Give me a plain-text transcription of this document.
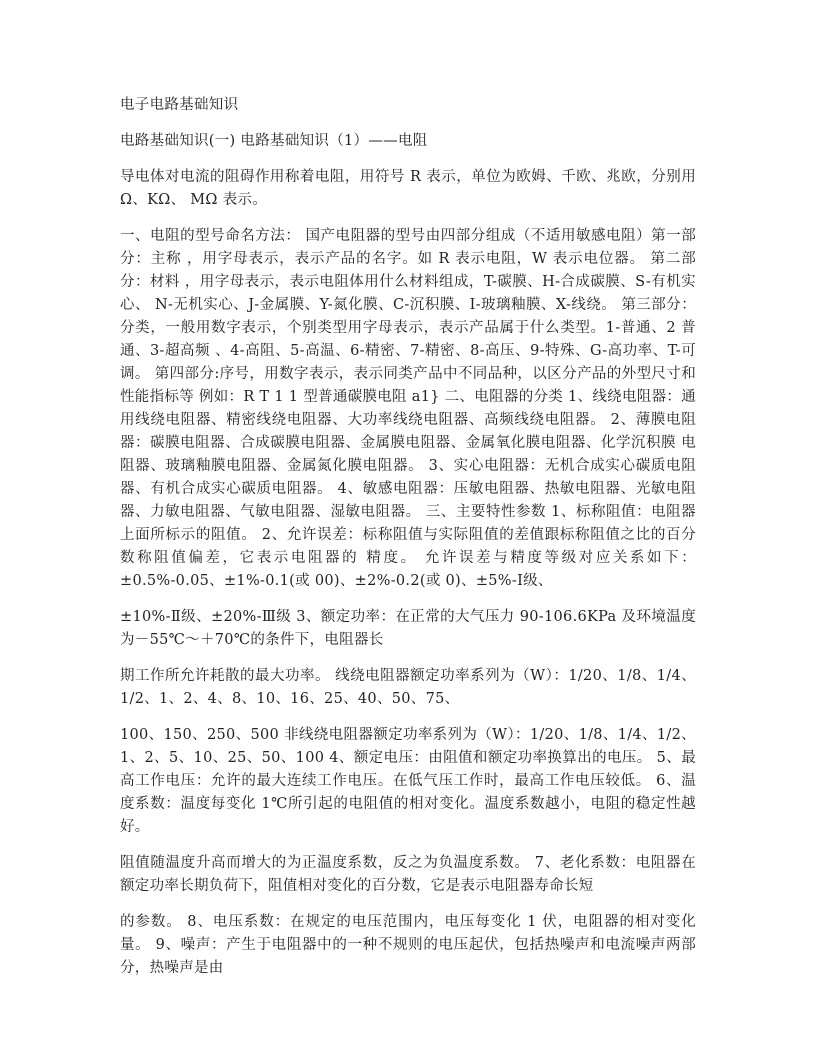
电子电路基础知识

电路基础知识(一) 电路基础知识（1）——电阻

导电体对电流的阻碍作用称着电阻，用符号 R 表示，单位为欧姆、千欧、兆欧，分别用 Ω、KΩ、 MΩ 表示。

一、电阻的型号命名方法： 国产电阻器的型号由四部分组成（不适用敏感电阻）第一部分：主称 ，用字母表示，表示产品的名字。如 R 表示电阻，W 表示电位器。 第二部分：材料 ，用字母表示，表示电阻体用什么材料组成，T-碳膜、H-合成碳膜、S-有机实心、 N-无机实心、J-金属膜、Y-氮化膜、C-沉积膜、I-玻璃釉膜、X-线绕。 第三部分：分类，一般用数字表示，个别类型用字母表示，表示产品属于什么类型。1-普通、2 普通、3-超高频 、4-高阻、5-高温、6-精密、7-精密、8-高压、9-特殊、G-高功率、T-可调。 第四部分:序号，用数字表示，表示同类产品中不同品种，以区分产品的外型尺寸和性能指标等 例如：R T 1 1 型普通碳膜电阻 a1} 二、电阻器的分类 1、线绕电阻器：通用线绕电阻器、精密线绕电阻器、大功率线绕电阻器、高频线绕电阻器。 2、薄膜电阻器：碳膜电阻器、合成碳膜电阻器、金属膜电阻器、金属氧化膜电阻器、化学沉积膜 电阻器、玻璃釉膜电阻器、金属氮化膜电阻器。 3、实心电阻器：无机合成实心碳质电阻器、有机合成实心碳质电阻器。 4、敏感电阻器：压敏电阻器、热敏电阻器、光敏电阻器、力敏电阻器、气敏电阻器、湿敏电阻器。 三、主要特性参数 1、标称阻值：电阻器上面所标示的阻值。 2、允许误差：标称阻值与实际阻值的差值跟标称阻值之比的百分数称阻值偏差，它表示电阻器的 精度。 允许误差与精度等级对应关系如下：±0.5%-0.05、±1%-0.1(或 00)、±2%-0.2(或 0)、±5%-Ⅰ级、

±10%-Ⅱ级、±20%-Ⅲ级 3、额定功率：在正常的大气压力 90-106.6KPa 及环境温度为－55℃～＋70℃的条件下，电阻器长

期工作所允许耗散的最大功率。 线绕电阻器额定功率系列为（W）：1/20、1/8、1/4、1/2、1、2、4、8、10、16、25、40、50、75、

100、150、250、500 非线绕电阻器额定功率系列为（W）：1/20、1/8、1/4、1/2、1、2、5、10、25、50、100 4、额定电压：由阻值和额定功率换算出的电压。 5、最高工作电压：允许的最大连续工作电压。在低气压工作时，最高工作电压较低。 6、温度系数：温度每变化 1℃所引起的电阻值的相对变化。温度系数越小，电阻的稳定性越好。

阻值随温度升高而增大的为正温度系数，反之为负温度系数。 7、老化系数：电阻器在额定功率长期负荷下，阻值相对变化的百分数，它是表示电阻器寿命长短

的参数。 8、电压系数：在规定的电压范围内，电压每变化 1 伏，电阻器的相对变化量。 9、噪声：产生于电阻器中的一种不规则的电压起伏，包括热噪声和电流噪声两部分，热噪声是由
